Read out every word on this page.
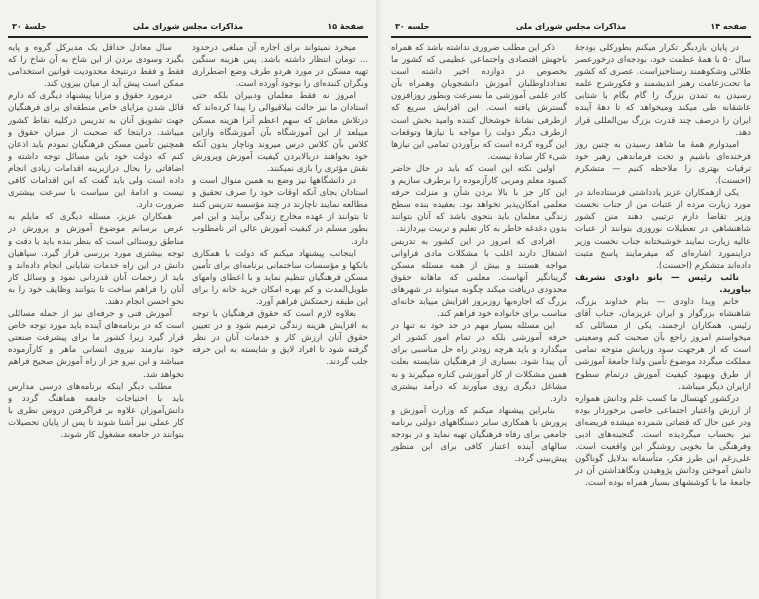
صفحهٔ ۱۵
مذاکرات مجلس شورای ملی
جلسهٔ ۳۰

میخرد نمیتواند برای اجاره آن مبلغی درحدود ... تومان انتظار داشته باشد. پس هزینه سنگین تهیه مسکن در مورد هردو طرف وضع اضطراری ونگران کننده‌ای را بوجود آورده است.

امروز نه فقط معلمان ودبیران بلکه حتی استادان ما نیز حالت بیلاقیوالی را پیدا کرده‌اند که درتلاش معاش که سهم اعظم آنرا هزینه مسکن میبلعد از این آموزشگاه بآن آموزشگاه وازاین کلاس بآن کلاس درس میروند وناچار بدون آنکه خود بخواهند دربالابردن کیفیت آموزش وپرورش نقش مؤثری را بازی نمیکنند.

در دانشگاهها نیز وضع به همین منوال است و استادان بجای آنکه اوقات خود را صرف تحقیق و مطالعه نمایند ناچارند در چند مؤسسه تدریس کنند تا بتوانند از عهده مخارج زندگی برآیند و این امر بطور مسلم در کیفیت آموزش عالی اثر نامطلوب دارد.

اینجانب پیشنهاد میکنم که دولت با همکاری بانکها و مؤسسات ساختمانی برنامه‌ای برای تأمین مسکن فرهنگیان تنظیم نماید و با اعطای وامهای طویل‌المدت و کم بهره امکان خرید خانه را برای این طبقه زحمتکش فراهم آورد.

بعلاوه لازم است که حقوق فرهنگیان با توجه به افزایش هزینه زندگی ترمیم شود و در تعیین حقوق آنان ارزش کار و خدمات آنان در نظر گرفته شود تا افراد لایق و شایسته به این حرفه جلب گردند.

سال معادل حداقل یک مدیرکل گروه و پایه بگیرد وسودی بردن از این شاخ به آن شاخ را که فقط و فقط درنتیجهٔ محدودیت قوانین استخدامی ممکن است پیش آید از میان بیرون کند.

درمورد حقوق و مزایا پیشنهاد دیگری که دارم قائل شدن مزایای خاص منطقه‌ای برای فرهنگیان جهت تشویق آنان به تدریس درکلیه نقاط کشور میباشد. درابتجا که صحبت از میزان حقوق و همچنین تأمین مسکن فرهنگیان نمودم باید اذعان کنم که دولت خود باین مسائل توجه داشته و اضافاتی را بحال درازیرینه اقدامات زیادی انجام داده است ولی باید گفت که این اقدامات کافی نیست و ادامهٔ این سیاست با سرعت بیشتری ضرورت دارد.

همکاران عزیز، مسئله دیگری که مایلم به عرض برسانم موضوع آموزش و پرورش در مناطق روستائی است که بنظر بنده باید با دقت و توجه بیشتری مورد بررسی قرار گیرد. سپاهیان دانش در این راه خدمات شایانی انجام داده‌اند و باید از زحمات آنان قدردانی نمود و وسائل کار آنان را فراهم ساخت تا بتوانند وظایف خود را به نحو احسن انجام دهند.

آموزش فنی و حرفه‌ای نیز از جمله مسائلی است که در برنامه‌های آینده باید مورد توجه خاص قرار گیرد زیرا کشور ما برای پیشرفت صنعتی خود نیازمند نیروی انسانی ماهر و کارآزموده میباشد و این نیرو جز از راه آموزش صحیح فراهم نخواهد شد.

مطلب دیگر اینکه برنامه‌های درسی مدارس باید با احتیاجات جامعه هماهنگ گردد و دانش‌آموزان علاوه بر فراگرفتن دروس نظری با کار عملی نیز آشنا شوند تا پس از پایان تحصیلات بتوانند در جامعه مشغول کار شوند.

صفحه ۱۴
مذاکرات مجلس شورای ملی
جلسه ۳۰

در پایان بازدیگر تکرار میکنم بطورکلی بودجهٔ سال ۵۰ با همهٔ عظمت خود، بودجه‌ای درخورعصر طلائی وشکوهمند رستاخیزاست. عصری که کشور ما تحت‌زعامت رهبر اندیشمند و فکورشرح علمه رسیدن به تمدن بزرگ را گام بگام با شتابی عاشقانه طی میکند ومیخواهد که تا دههٔ آینده ایران را درصف چند قدرت بزرگ بین‌المللی قرار دهد.

امیدوارم همهٔ ما شاهد رسیدن به چنین روز فرخنده‌ای باشیم و تحت فرماندهی رهبر خود ترقیات بهتری را ملاحظه کنیم — متشکرم (احسنت).

یکی ازهمکاران عزیز یادداشتی فرستاده‌اند در مورد زیارت مرده از عتبات من از جناب نخست وزیر تقاضا دارم ترتیبی دهند منن کشور شاهنشاهی در تعطیلات نوروزی بتوانند از عتبات عالیه زیارت نمایند خوشبختانه جناب نخست وزیر دراینمورد اشاره‌ای که میفرمایند پاسخ مثبت داده‌اند متشکرم (احسنت).

نائب رئیس — بانو داودی تشریف بیاورید.

خانم ویدا داودی — بنام خداوند بزرگ، شاهنشاه بزرگوار و ایران عزیزمان، جناب آقای رئیس، همکاران ارجمند، یکی از مسائلی که میخواستم امروز راجع بآن صحبت کنم وضعیتی است که از هرجهت سود وزیانش متوجه تمامی مملکت میگردد موضوع تأمین ولذا جامعهٔ آموزشی از طرق وبهبود کیفیت آموزش درتمام سطوح ازایران دیگر میباشد.

درکشور کهنسال ما کسب علم ودانش همواره از ارزش واعتبار اجتماعی خاصی برخوردار بوده ودر عین حال که قضاتی شمرده میشده فریضه‌ای نیز بحساب میگردیده است. گنجینه‌های ادبی وفرهنگی ما بخوبی روشنگر این واقعیت است. علی‌رغم این طرز فکر، متأسفانه بدلایل گوناگون دانش آموختن ودانش پژوهیدن ونگاهداشتن آن در جامعهٔ ما با کوششهای بسیار همراه بوده است.

ذکر این مطلب ضروری نداشته باشد که همراه باجهش اقتصادی واجتماعی عظیمی که کشور ما بخصوص در دوازده اخیر داشته است تعدادداوطلبان آموزش دانشجویان وهمراه بآن کادر علمی آموزشی ما بسرعت وبطور روزافزون گسترش یافته است. این افزایش سریع که ازطرفی نشانهٔ خوشحال کننده وامید بخش است ازطرف دیگر دولت را مواجه با نیازها وتوقعات این گروه کرده است که برآوردن تمامی این نیازها شیء کار سادهٔ نیست.

اولین نکته این است که باید در حال حاضر کمبود معلم ومربی کارآزموده را برطرف سازیم و این کار جز با بالا بردن شأن و منزلت حرفه معلمی امکان‌پذیر نخواهد بود. بعقیده بنده سطح زندگی معلمان باید بنحوی باشد که آنان بتوانند بدون دغدغه خاطر به کار تعلیم و تربیت بپردازند.

افرادی که امروز در این کشور به تدریس اشتغال دارند اغلب با مشکلات مادی فراوانی مواجه هستند و بیش از همه مسئله مسکن گریبانگیر آنهاست. معلمی که ماهانه حقوق محدودی دریافت میکند چگونه میتواند در شهرهای بزرگ که اجاره‌بها روزبروز افزایش مییابد خانه‌ای مناسب برای خانواده خود فراهم کند.

این مسئله بسیار مهم در حد خود نه تنها در حرفه آموزشی بلکه در تمام امور کشور اثر میگذارد و باید هرچه زودتر راه حل مناسبی برای آن پیدا شود. بسیاری از فرهنگیان شایسته بعلت همین مشکلات از کار آموزشی کناره میگیرند و به مشاغل دیگری روی میآورند که درآمد بیشتری دارد.

بنابراین پیشنهاد میکنم که وزارت آموزش و پرورش با همکاری سایر دستگاههای دولتی برنامه جامعی برای رفاه فرهنگیان تهیه نماید و در بودجه سالهای آینده اعتبار کافی برای این منظور پیش‌بینی گردد.
